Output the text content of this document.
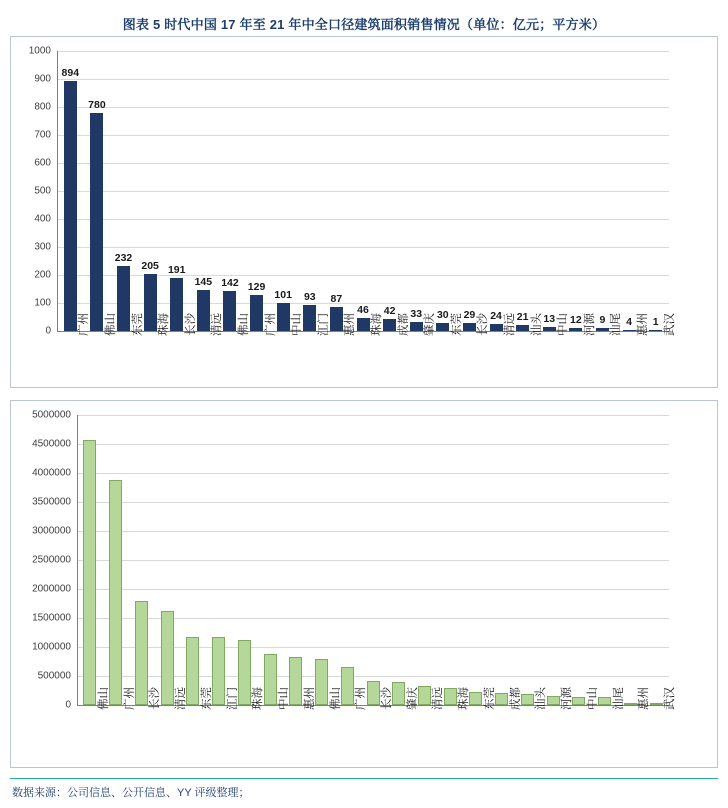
图表 5 时代中国 17 年至 21 年中全口径建筑面积销售情况（单位：亿元；平方米）
0
100
200
300
400
500
600
700
800
900
1000
894
780
232
205 191
145 142 129
101 93 87
46 42 33 30 29 24 21 13 12 9 4 1
广州 佛山 东莞 珠海 长沙 清远 佛山 广州 中山 江门 惠州 珠海 成都 肇庆 东莞 长沙 清远 汕头 中山 河源 汕尾 惠州 武汉
0
500000
1000000
1500000
2000000
2500000
3000000
3500000
4000000
4500000
5000000
佛山 广州 长沙 清远 东莞 江门 珠海 中山 惠州 佛山 广州 长沙 肇庆 清远 珠海 东莞 成都 汕头 河源 中山 汕尾 惠州 武汉
数据来源：公司信息、公开信息、YY 评级整理；
